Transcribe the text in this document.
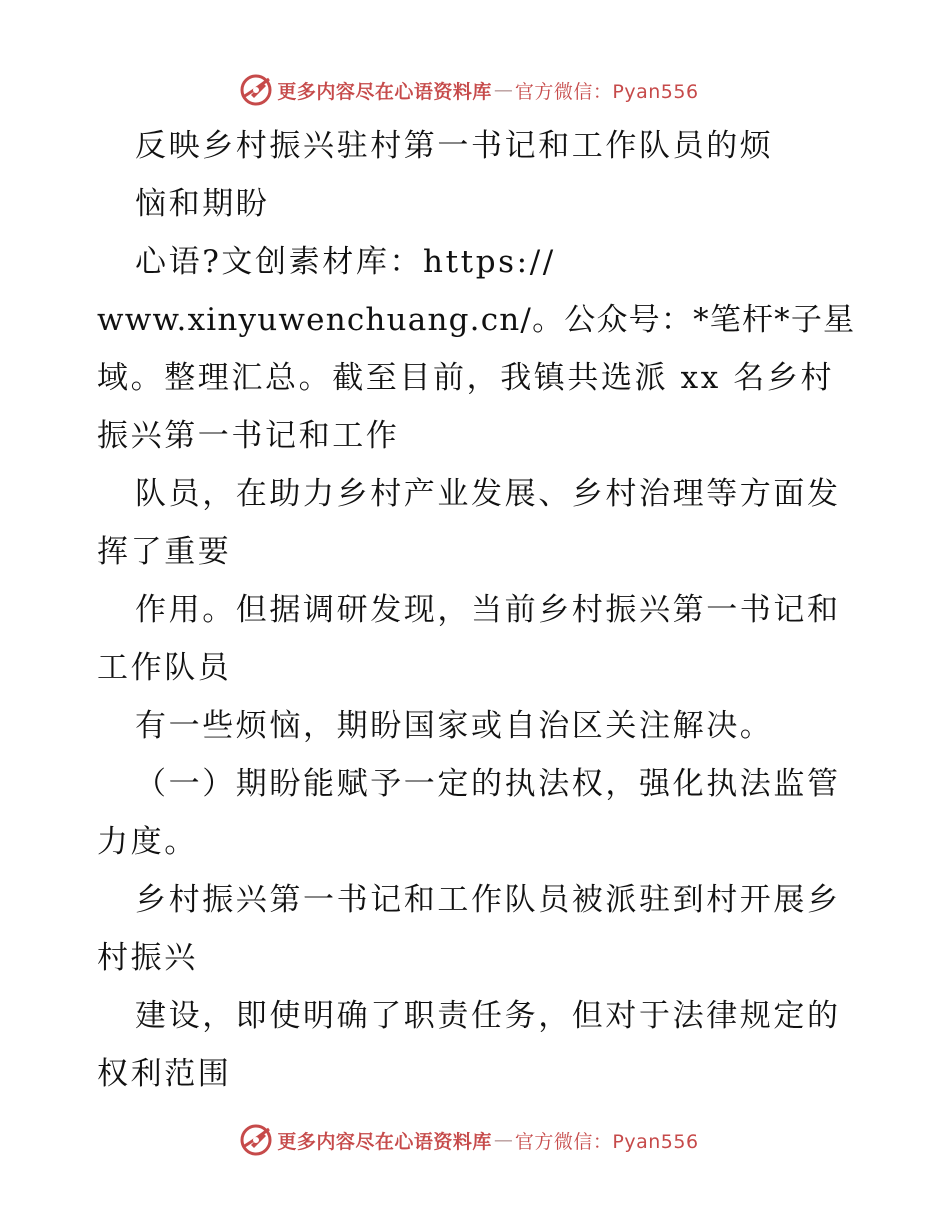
更多内容尽在心语资料库 — 官方微信：Pyan556
反映乡村振兴驻村第一书记和工作队员的烦
恼和期盼
心语?文创素材库：https://
www.xinyuwenchuang.cn/。公众号：*笔杆*子星
域。整理汇总。截至目前，我镇共选派 xx 名乡村
振兴第一书记和工作
队员，在助力乡村产业发展、乡村治理等方面发
挥了重要
作用。但据调研发现，当前乡村振兴第一书记和
工作队员
有一些烦恼，期盼国家或自治区关注解决。
（一）期盼能赋予一定的执法权，强化执法监管
力度。
乡村振兴第一书记和工作队员被派驻到村开展乡
村振兴
建设，即使明确了职责任务，但对于法律规定的
权利范围
更多内容尽在心语资料库 — 官方微信：Pyan556
